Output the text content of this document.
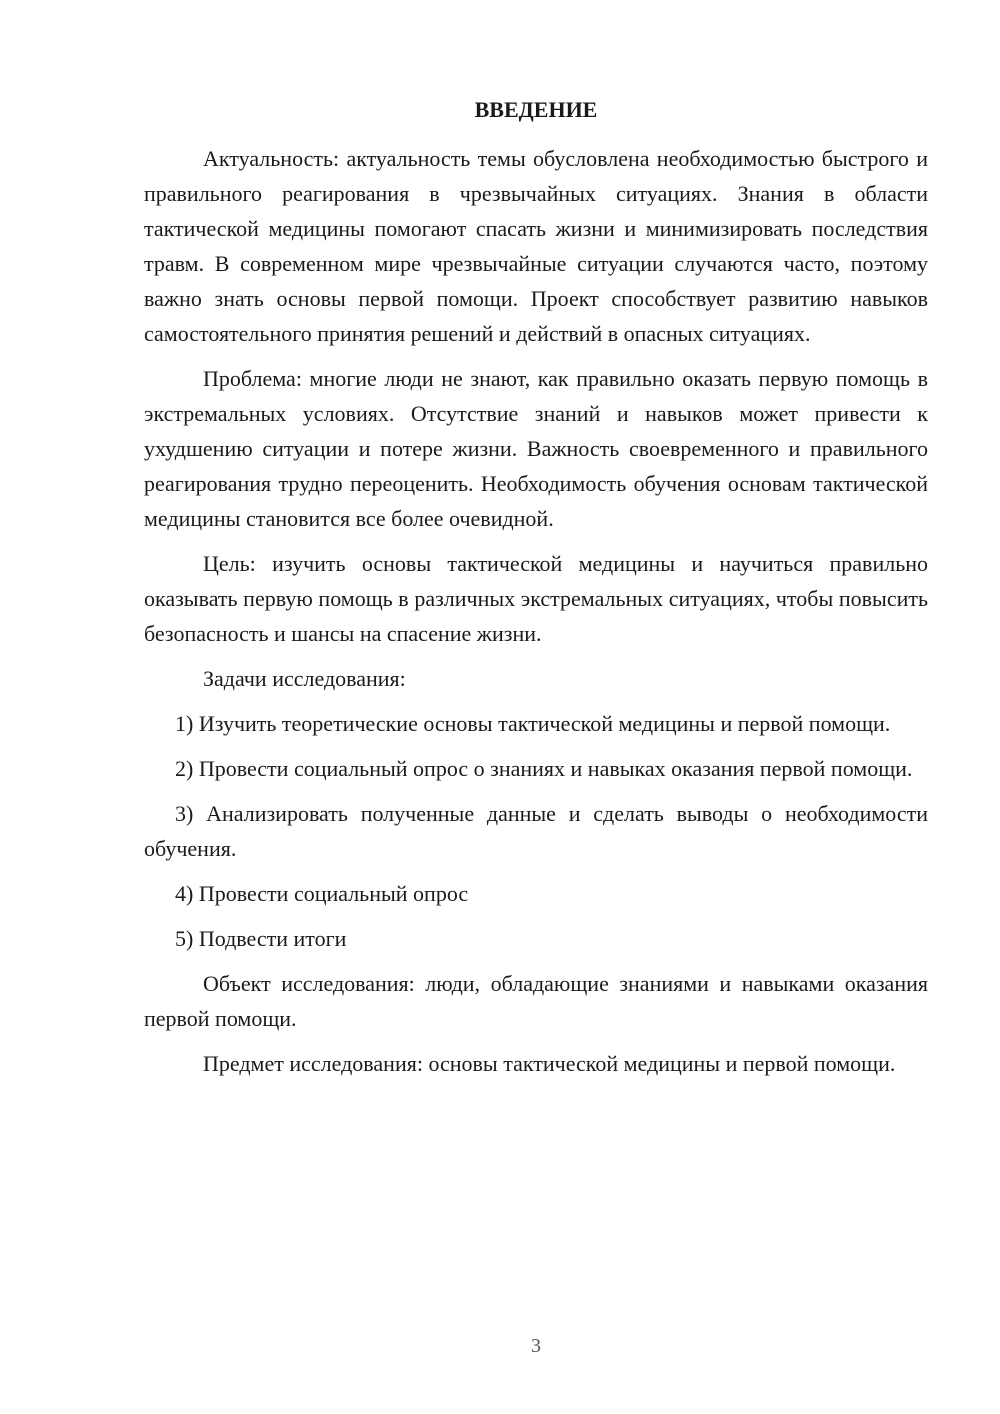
ВВЕДЕНИЕ

Актуальность: актуальность темы обусловлена необходимостью быстрого и правильного реагирования в чрезвычайных ситуациях. Знания в области тактической медицины помогают спасать жизни и минимизировать последствия травм. В современном мире чрезвычайные ситуации случаются часто, поэтому важно знать основы первой помощи. Проект способствует развитию навыков самостоятельного принятия решений и действий в опасных ситуациях.

Проблема: многие люди не знают, как правильно оказать первую помощь в экстремальных условиях. Отсутствие знаний и навыков может привести к ухудшению ситуации и потере жизни. Важность своевременного и правильного реагирования трудно переоценить. Необходимость обучения основам тактической медицины становится все более очевидной.

Цель: изучить основы тактической медицины и научиться правильно оказывать первую помощь в различных экстремальных ситуациях, чтобы повысить безопасность и шансы на спасение жизни.

Задачи исследования:

1) Изучить теоретические основы тактической медицины и первой помощи.

2) Провести социальный опрос о знаниях и навыках оказания первой помощи.

3) Анализировать полученные данные и сделать выводы о необходимости обучения.

4) Провести социальный опрос

5) Подвести итоги

Объект исследования: люди, обладающие знаниями и навыками оказания первой помощи.

Предмет исследования: основы тактической медицины и первой помощи.

3
